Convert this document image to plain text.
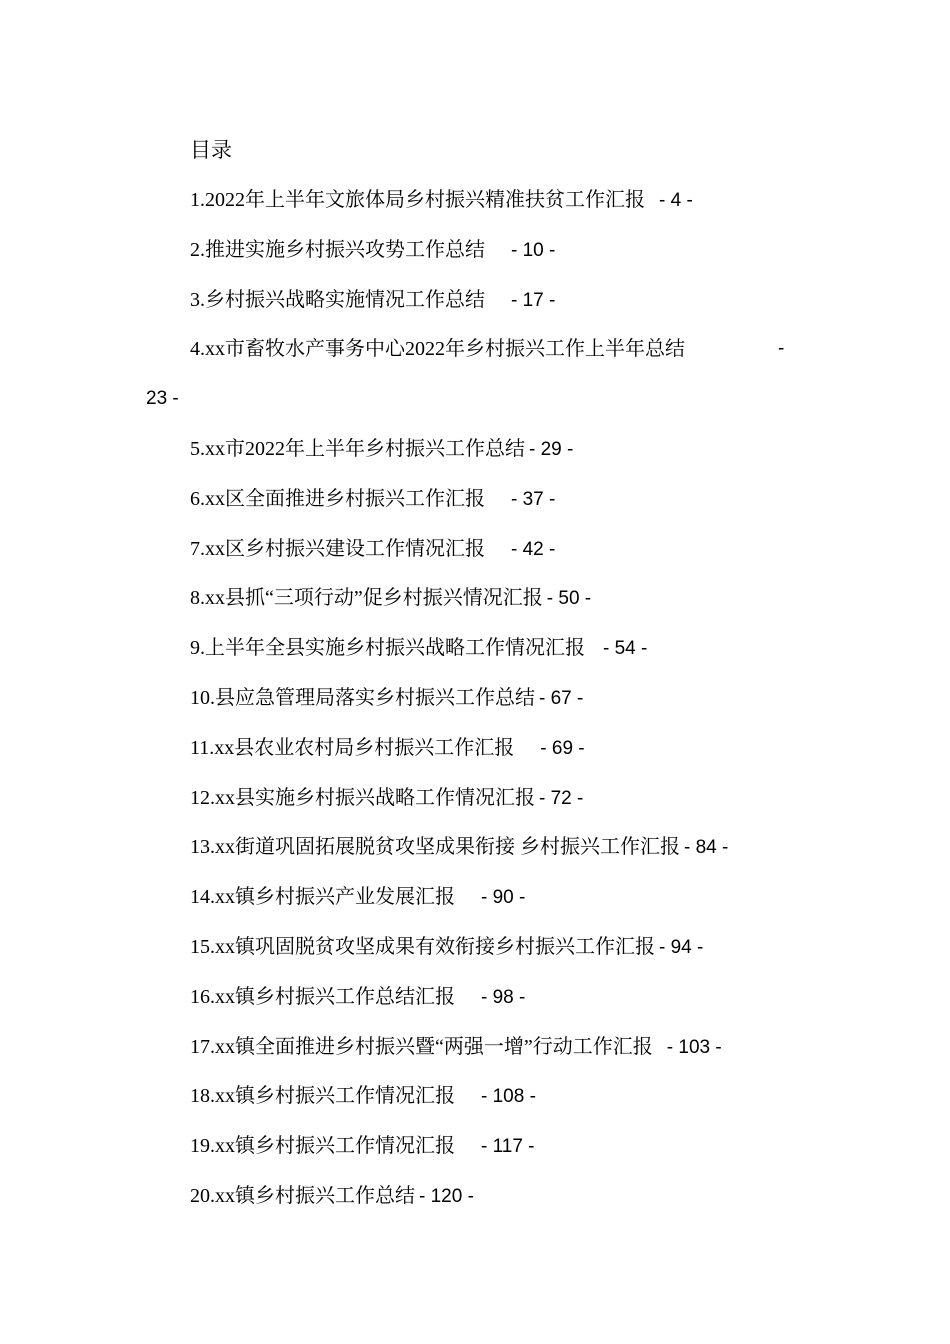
目录
1.2022年上半年文旅体局乡村振兴精准扶贫工作汇报 - 4 -
2.推进实施乡村振兴攻势工作总结 - 10 -
3.乡村振兴战略实施情况工作总结 - 17 -
4.xx市畜牧水产事务中心2022年乡村振兴工作上半年总结	-
23 -
5.xx市2022年上半年乡村振兴工作总结 - 29 -
6.xx区全面推进乡村振兴工作汇报 - 37 -
7.xx区乡村振兴建设工作情况汇报 - 42 -
8.xx县抓“三项行动”促乡村振兴情况汇报 - 50 -
9.上半年全县实施乡村振兴战略工作情况汇报 - 54 -
10.县应急管理局落实乡村振兴工作总结 - 67 -
11.xx县农业农村局乡村振兴工作汇报 - 69 -
12.xx县实施乡村振兴战略工作情况汇报 - 72 -
13.xx街道巩固拓展脱贫攻坚成果衔接 乡村振兴工作汇报 - 84 -
14.xx镇乡村振兴产业发展汇报 - 90 -
15.xx镇巩固脱贫攻坚成果有效衔接乡村振兴工作汇报 - 94 -
16.xx镇乡村振兴工作总结汇报 - 98 -
17.xx镇全面推进乡村振兴暨“两强一增”行动工作汇报 - 103 -
18.xx镇乡村振兴工作情况汇报 - 108 -
19.xx镇乡村振兴工作情况汇报 - 117 -
20.xx镇乡村振兴工作总结 - 120 -
